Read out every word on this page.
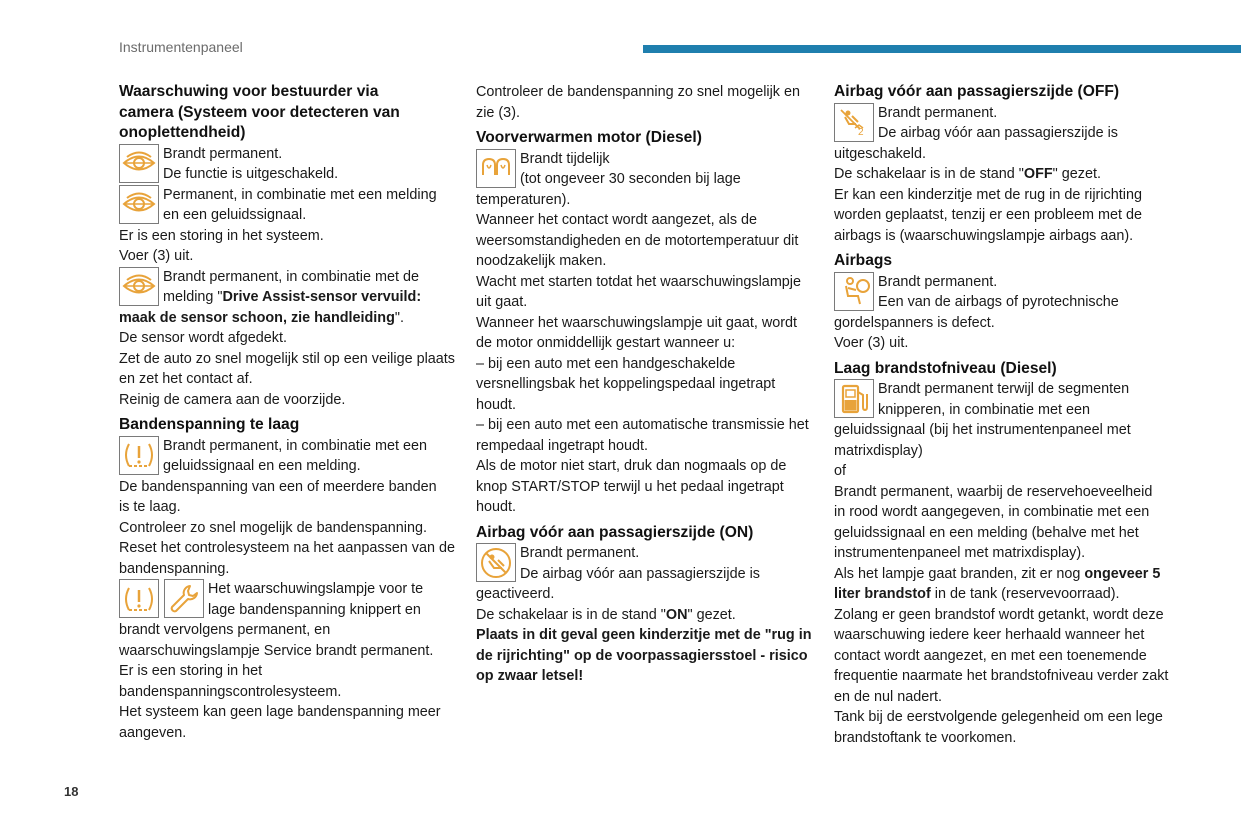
Instrumentenpaneel
Waarschuwing voor bestuurder via
camera (Systeem voor detecteren van
onoplettendheid)

Brandt permanent.

De functie is uitgeschakeld.

Permanent, in combinatie met een melding

en een geluidssignaal.

Er is een storing in het systeem.

Voer (3) uit.

Brandt permanent, in combinatie met de

melding "Drive Assist-sensor vervuild:

maak de sensor schoon, zie handleiding".

De sensor wordt afgedekt.

Zet de auto zo snel mogelijk stil op een veilige plaats

en zet het contact af.

Reinig de camera aan de voorzijde.

Bandenspanning te laag

Brandt permanent, in combinatie met een

geluidssignaal en een melding.

De bandenspanning van een of meerdere banden

is te laag.

Controleer zo snel mogelijk de bandenspanning.

Reset het controlesysteem na het aanpassen van de

bandenspanning.

Het waarschuwingslampje voor te

lage bandenspanning knippert en

brandt vervolgens permanent, en

waarschuwingslampje Service brandt permanent.

Er is een storing in het

bandenspanningscontrolesysteem.

Het systeem kan geen lage bandenspanning meer

aangeven.

Controleer de bandenspanning zo snel mogelijk en

zie (3).

Voorverwarmen motor (Diesel)

Brandt tijdelijk

(tot ongeveer 30 seconden bij lage

temperaturen).

Wanneer het contact wordt aangezet, als de

weersomstandigheden en de motortemperatuur dit

noodzakelijk maken.

Wacht met starten totdat het waarschuwingslampje

uit gaat.

Wanneer het waarschuwingslampje uit gaat, wordt

de motor onmiddellijk gestart wanneer u:

– bij een auto met een handgeschakelde

versnellingsbak het koppelingspedaal ingetrapt

houdt.

– bij een auto met een automatische transmissie het

rempedaal ingetrapt houdt.

Als de motor niet start, druk dan nogmaals op de

knop START/STOP terwijl u het pedaal ingetrapt

houdt.

Airbag vóór aan passagierszijde (ON)

Brandt permanent.

De airbag vóór aan passagierszijde is

geactiveerd.

De schakelaar is in de stand "ON" gezet.

Plaats in dit geval geen kinderzitje met de "rug in

de rijrichting" op de voorpassagiersstoel - risico

op zwaar letsel!

Airbag vóór aan passagierszijde (OFF)
2

Brandt permanent.

De airbag vóór aan passagierszijde is

uitgeschakeld.

De schakelaar is in de stand "OFF" gezet.

Er kan een kinderzitje met de rug in de rijrichting

worden geplaatst, tenzij er een probleem met de

airbags is (waarschuwingslampje airbags aan).

Airbags

Brandt permanent.

Een van de airbags of pyrotechnische

gordelspanners is defect.

Voer (3) uit.

Laag brandstofniveau (Diesel)

Brandt permanent terwijl de segmenten

knipperen, in combinatie met een

geluidssignaal (bij het instrumentenpaneel met

matrixdisplay)

of

Brandt permanent, waarbij de reservehoeveelheid

in rood wordt aangegeven, in combinatie met een

geluidssignaal en een melding (behalve met het

instrumentenpaneel met matrixdisplay).

Als het lampje gaat branden, zit er nog ongeveer 5

liter brandstof in de tank (reservevoorraad).

Zolang er geen brandstof wordt getankt, wordt deze

waarschuwing iedere keer herhaald wanneer het

contact wordt aangezet, en met een toenemende

frequentie naarmate het brandstofniveau verder zakt

en de nul nadert.

Tank bij de eerstvolgende gelegenheid om een lege

brandstoftank te voorkomen.

18
